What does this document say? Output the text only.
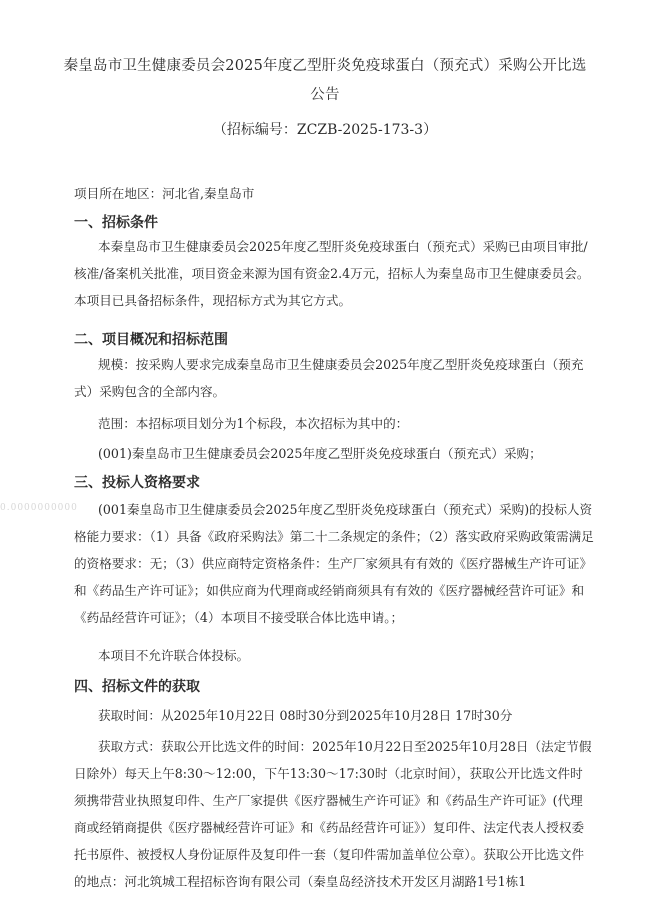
秦皇岛市卫生健康委员会2025年度乙型肝炎免疫球蛋白（预充式）采购公开比选公告
（招标编号：ZCZB-2025-173-3）
项目所在地区：河北省,秦皇岛市
一、招标条件
本秦皇岛市卫生健康委员会2025年度乙型肝炎免疫球蛋白（预充式）采购已由项目审批/核准/备案机关批准，项目资金来源为国有资金2.4万元，招标人为秦皇岛市卫生健康委员会。本项目已具备招标条件，现招标方式为其它方式。
二、项目概况和招标范围
规模：按采购人要求完成秦皇岛市卫生健康委员会2025年度乙型肝炎免疫球蛋白（预充式）采购包含的全部内容。
范围：本招标项目划分为1个标段，本次招标为其中的：
(001)秦皇岛市卫生健康委员会2025年度乙型肝炎免疫球蛋白（预充式）采购；
三、投标人资格要求
0.0000000000	(001秦皇岛市卫生健康委员会2025年度乙型肝炎免疫球蛋白（预充式）采购)的投标人资格能力要求：（1）具备《政府采购法》第二十二条规定的条件；（2）落实政府采购政策需满足的资格要求：无；（3）供应商特定资格条件：生产厂家须具有有效的《医疗器械生产许可证》和《药品生产许可证》；如供应商为代理商或经销商须具有有效的《医疗器械经营许可证》和《药品经营许可证》；（4）本项目不接受联合体比选申请。；
本项目不允许联合体投标。
四、招标文件的获取
获取时间：从2025年10月22日 08时30分到2025年10月28日 17时30分
获取方式：获取公开比选文件的时间：2025年10月22日至2025年10月28日（法定节假日除外）每天上午8:30～12:00，下午13:30～17:30时（北京时间），获取公开比选文件时须携带营业执照复印件、生产厂家提供《医疗器械生产许可证》和《药品生产许可证》(代理商或经销商提供《医疗器械经营许可证》和《药品经营许可证》）复印件、法定代表人授权委托书原件、被授权人身份证原件及复印件一套（复印件需加盖单位公章）。获取公开比选文件的地点：河北筑城工程招标咨询有限公司（秦皇岛经济技术开发区月湖路1号1栋1
